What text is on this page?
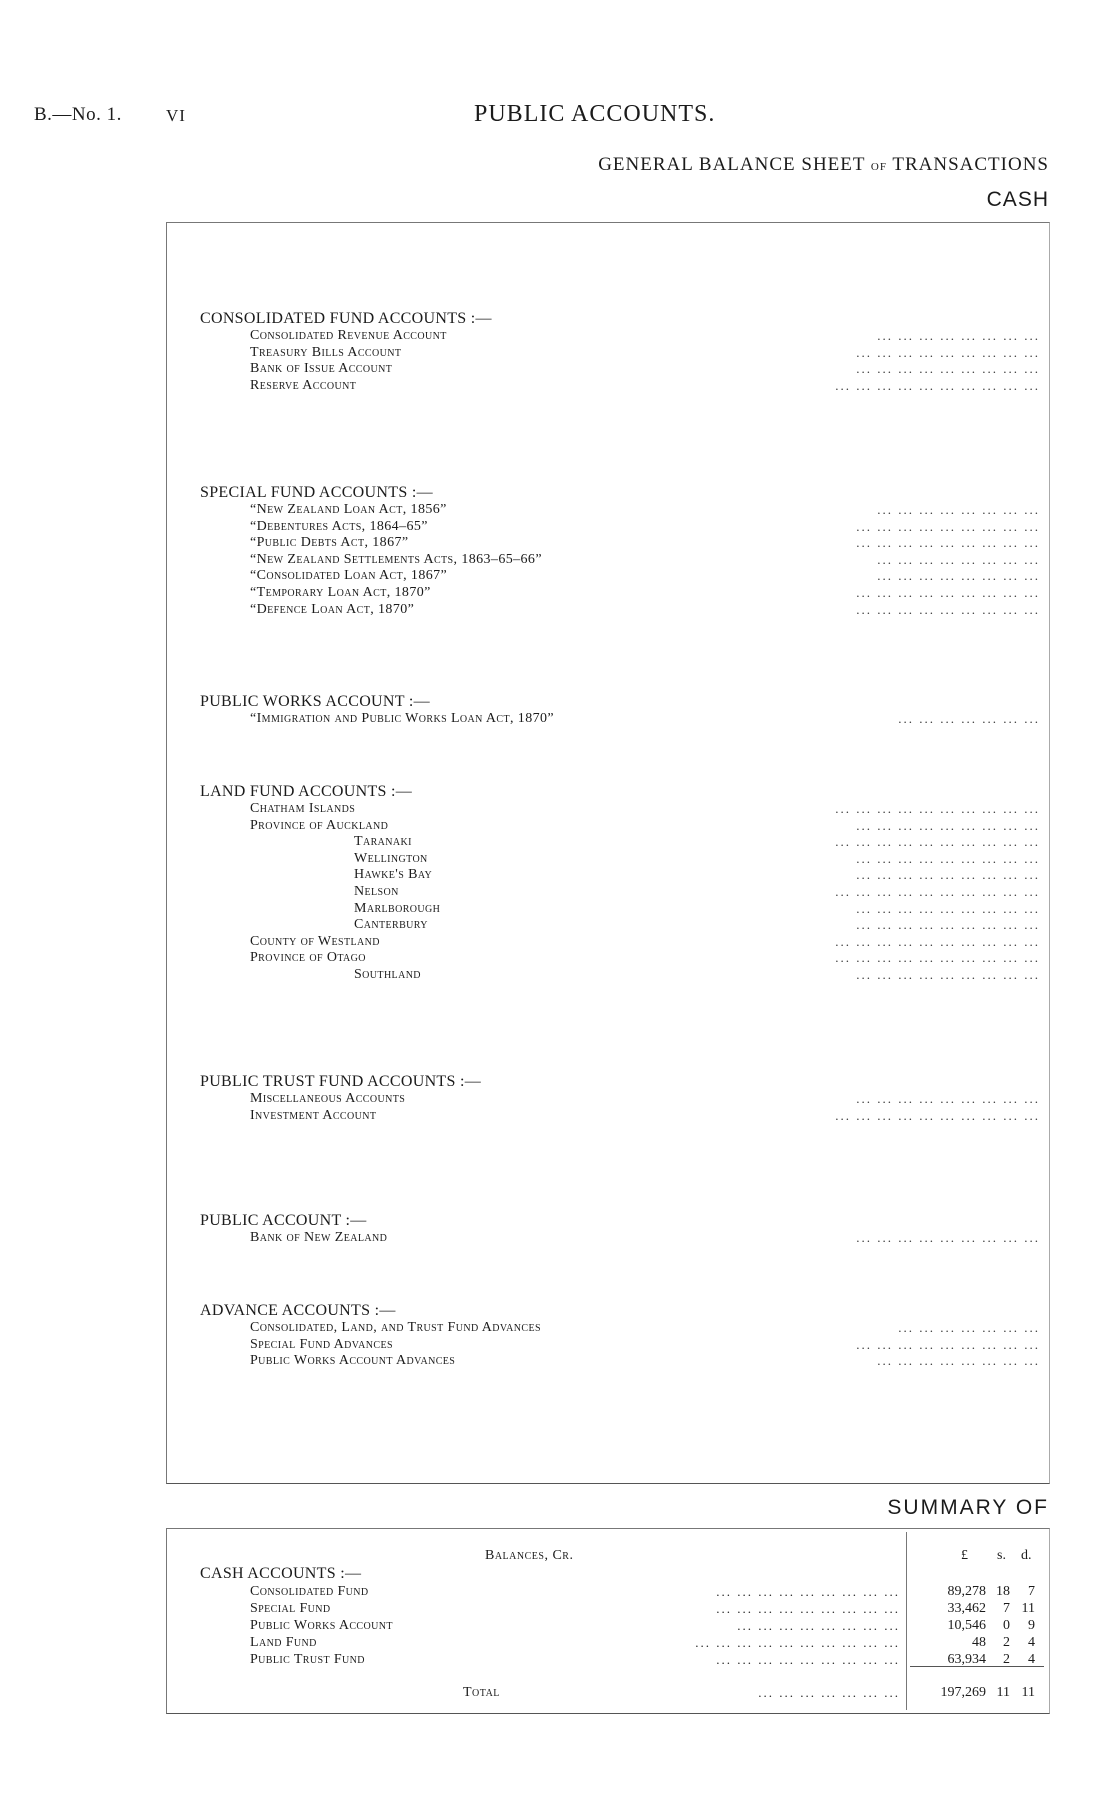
B.—No. 1.	VI	PUBLIC ACCOUNTS.
GENERAL BALANCE SHEET of TRANSACTIONS
CASH
CONSOLIDATED FUND ACCOUNTS :—
Consolidated Revenue Account	... ... ... ... ... ... ... ...
Treasury Bills Account	... ... ... ... ... ... ... ... ...
Bank of Issue Account	... ... ... ... ... ... ... ... ...
Reserve Account	... ... ... ... ... ... ... ... ... ...
SPECIAL FUND ACCOUNTS :—
“New Zealand Loan Act, 1856”	... ... ... ... ... ... ... ...
“Debentures Acts, 1864–65”	... ... ... ... ... ... ... ... ...
“Public Debts Act, 1867”	... ... ... ... ... ... ... ... ...
“New Zealand Settlements Acts, 1863–65–66”	... ... ... ... ... ... ... ...
“Consolidated Loan Act, 1867”	... ... ... ... ... ... ... ...
“Temporary Loan Act, 1870”	... ... ... ... ... ... ... ... ...
“Defence Loan Act, 1870”	... ... ... ... ... ... ... ... ...
PUBLIC WORKS ACCOUNT :—
“Immigration and Public Works Loan Act, 1870”	... ... ... ... ... ... ...
LAND FUND ACCOUNTS :—
Chatham Islands	... ... ... ... ... ... ... ... ... ...
Province of Auckland	... ... ... ... ... ... ... ... ...
Taranaki	... ... ... ... ... ... ... ... ... ...
Wellington	... ... ... ... ... ... ... ... ...
Hawke's Bay	... ... ... ... ... ... ... ... ...
Nelson	... ... ... ... ... ... ... ... ... ...
Marlborough	... ... ... ... ... ... ... ... ...
Canterbury	... ... ... ... ... ... ... ... ...
County of Westland	... ... ... ... ... ... ... ... ... ...
Province of Otago	... ... ... ... ... ... ... ... ... ...
Southland	... ... ... ... ... ... ... ... ...
PUBLIC TRUST FUND ACCOUNTS :—
Miscellaneous Accounts	... ... ... ... ... ... ... ... ...
Investment Account	... ... ... ... ... ... ... ... ... ...
PUBLIC ACCOUNT :—
Bank of New Zealand	... ... ... ... ... ... ... ... ...
ADVANCE ACCOUNTS :—
Consolidated, Land, and Trust Fund Advances	... ... ... ... ... ... ...
Special Fund Advances	... ... ... ... ... ... ... ... ...
Public Works Account Advances	... ... ... ... ... ... ... ...
SUMMARY OF
Balances, Cr.	£ s. d.
CASH ACCOUNTS :—
Consolidated Fund	... ... ... ... ... ... ... ... ...	89,278 18	7
Special Fund	... ... ... ... ... ... ... ... ...	33,462	7 11
Public Works Account	... ... ... ... ... ... ... ...	10,546	0	9
Land Fund	... ... ... ... ... ... ... ... ... ...	48	2	4
Public Trust Fund	... ... ... ... ... ... ... ... ...	63,934	2	4
Total	... ... ... ... ... ... ...	197,269 11 11
